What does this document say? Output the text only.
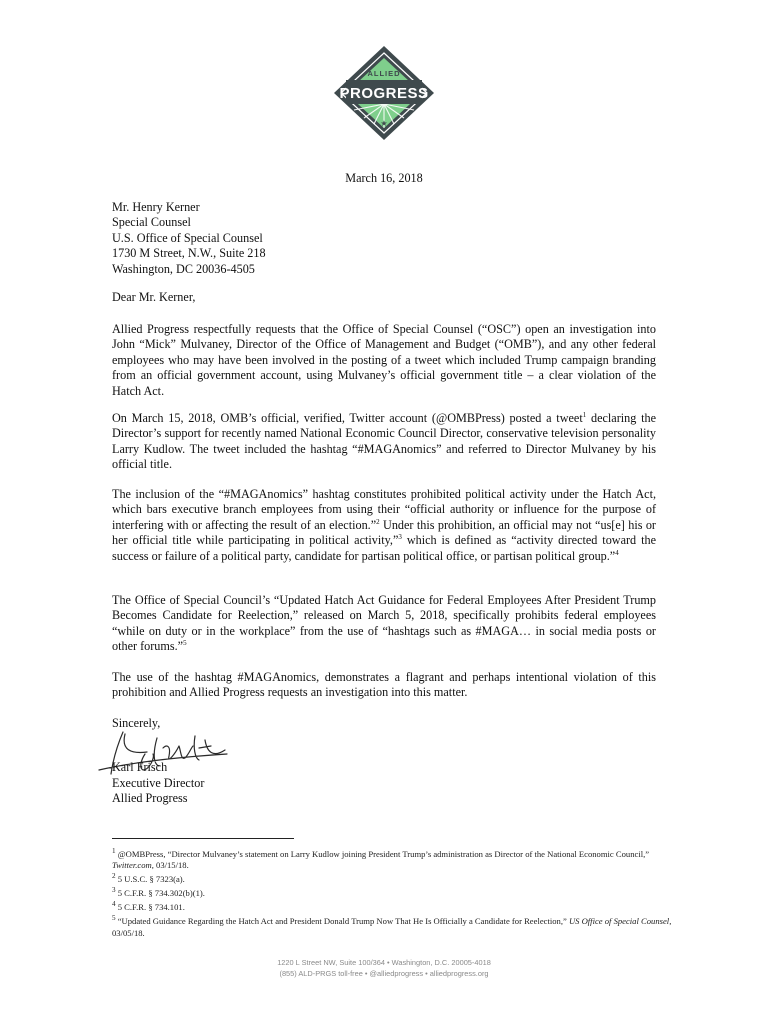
ALLIED
PROGRESS
★
March 16, 2018
Mr. Henry Kerner
Special Counsel
U.S. Office of Special Counsel
1730 M Street, N.W., Suite 218
Washington, DC 20036-4505
Dear Mr. Kerner,
Allied Progress respectfully requests that the Office of Special Counsel (“OSC”) open an investigation into John “Mick” Mulvaney, Director of the Office of Management and Budget (“OMB”), and any other federal employees who may have been involved in the posting of a tweet which included Trump campaign branding from an official government account, using Mulvaney’s official government title – a clear violation of the Hatch Act.
On March 15, 2018, OMB’s official, verified, Twitter account (@OMBPress) posted a tweet$^1$ declaring the Director’s support for recently named National Economic Council Director, conservative television personality Larry Kudlow. The tweet included the hashtag “#MAGAnomics” and referred to Director Mulvaney by his official title.
The inclusion of the “#MAGAnomics” hashtag constitutes prohibited political activity under the Hatch Act, which bars executive branch employees from using their “official authority or influence for the purpose of interfering with or affecting the result of an election.”$^2$ Under this prohibition, an official may not “us[e] his or her official title while participating in political activity,”$^3$ which is defined as “activity directed toward the success or failure of a political party, candidate for partisan political office, or partisan political group.”$^4$
The Office of Special Council’s “Updated Hatch Act Guidance for Federal Employees After President Trump Becomes Candidate for Reelection,” released on March 5, 2018, specifically prohibits federal employees “while on duty or in the workplace” from the use of “hashtags such as #MAGA… in social media posts or other forums.”$^5$
The use of the hashtag #MAGAnomics, demonstrates a flagrant and perhaps intentional violation of this prohibition and Allied Progress requests an investigation into this matter.
Sincerely,
Karl Frisch
Executive Director
Allied Progress
$^1$ @OMBPress, “Director Mulvaney’s statement on Larry Kudlow joining President Trump’s administration as Director of the National Economic Council,” Twitter.com, 03/15/18.
$^2$ 5 U.S.C. § 7323(a).
$^3$ 5 C.F.R. § 734.302(b)(1).
$^4$ 5 C.F.R. § 734.101.
$^5$ “Updated Guidance Regarding the Hatch Act and President Donald Trump Now That He Is Officially a Candidate for Reelection,” US Office of Special Counsel, 03/05/18.
1220 L Street NW, Suite 100/364 • Washington, D.C. 20005-4018
(855) ALD-PRGS toll-free • @alliedprogress • alliedprogress.org
